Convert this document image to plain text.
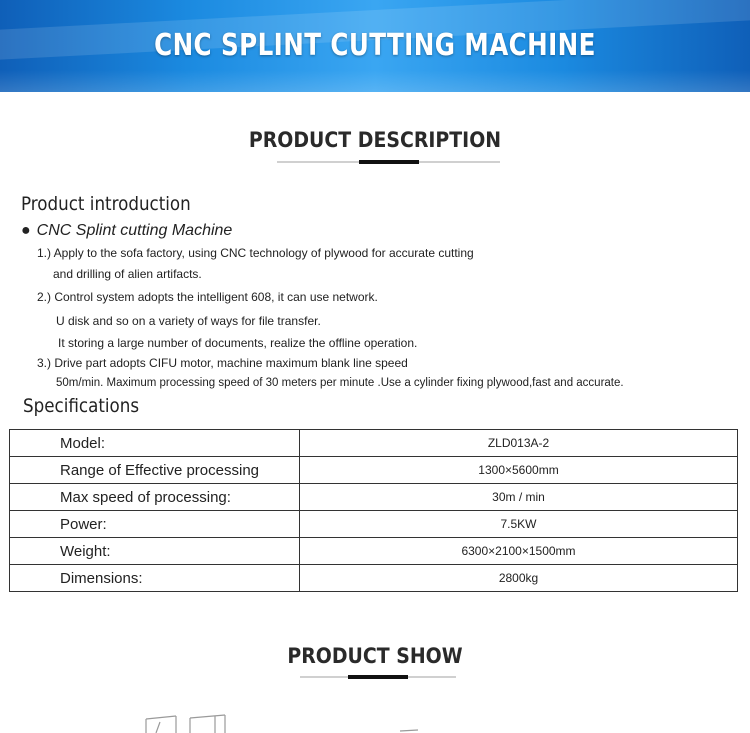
CNC SPLINT CUTTING MACHINE
PRODUCT DESCRIPTION
Product introduction
● CNC Splint cutting Machine
1.) Apply to the sofa factory, using CNC technology of plywood for accurate cutting
and drilling of alien artifacts.
2.) Control system adopts the intelligent 608, it can use network.
U disk and so on a variety of ways for file transfer.
It storing a large number of documents, realize the offline operation.
3.) Drive part adopts CIFU motor, machine maximum blank line speed
50m/min. Maximum processing speed of 30 meters per minute .Use a cylinder fixing plywood,fast and accurate.
Specifications
Model:	ZLD013A-2
Range of Effective processing	1300×5600mm
Max speed of processing:	30m / min
Power:	7.5KW
Weight:	6300×2100×1500mm
Dimensions:	2800kg
PRODUCT SHOW
